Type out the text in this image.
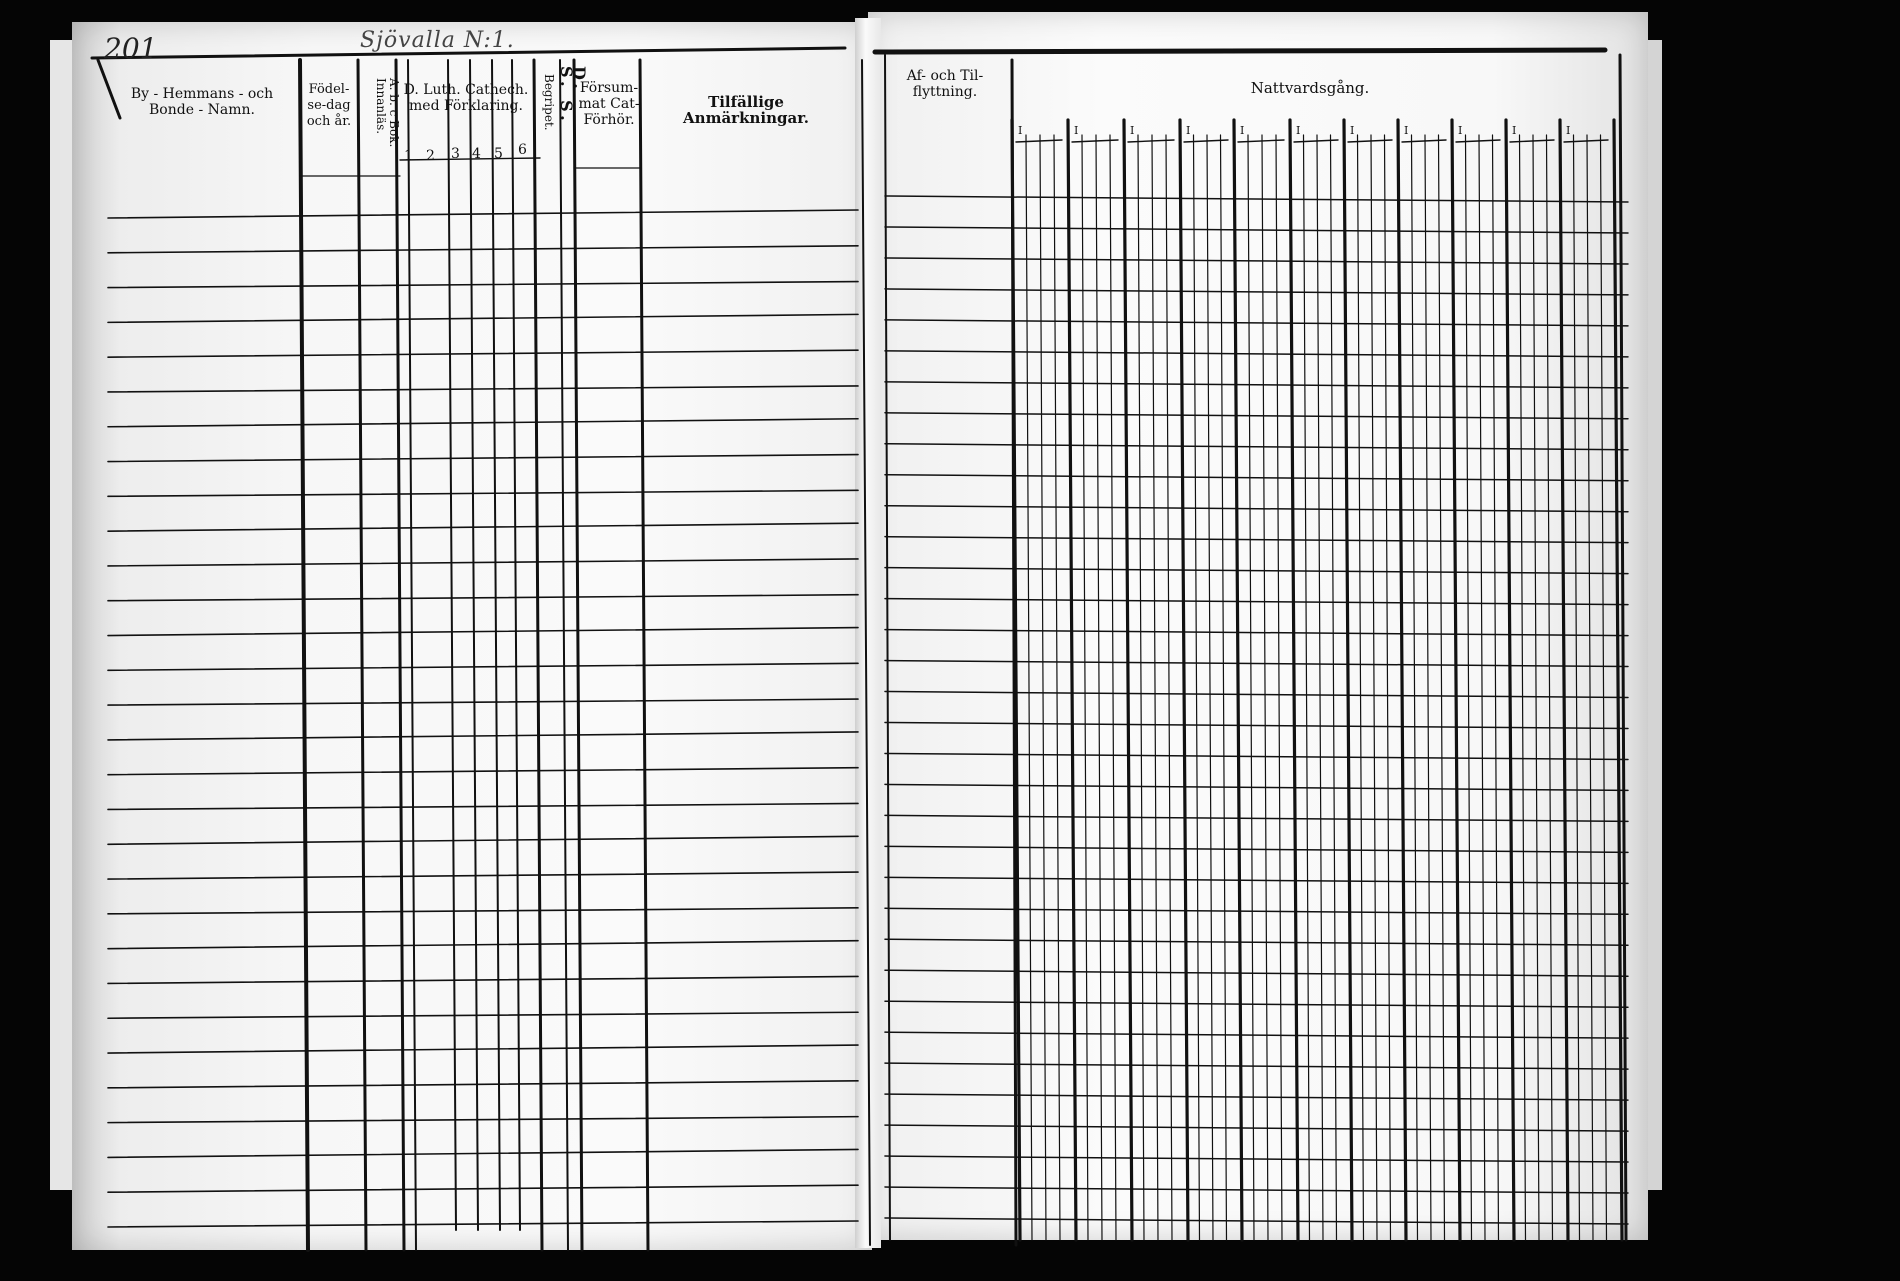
201	Sjövalla N:1.
By - Hemmans - och Bonde - Namn.
Födel- se-dag och år.	A. b. c Bok. Innanläs.	D. Luth. Cathech. med Förklaring.
1 2 3 4 5 6
D. S. S.
Begripet. Försum- mat Cat- Förhör.
Tilfällige Anmärkningar.
Af- och Til- flyttning.	Nattvardsgång.
I	I	I	I	I	I	I	I	I	I	I
